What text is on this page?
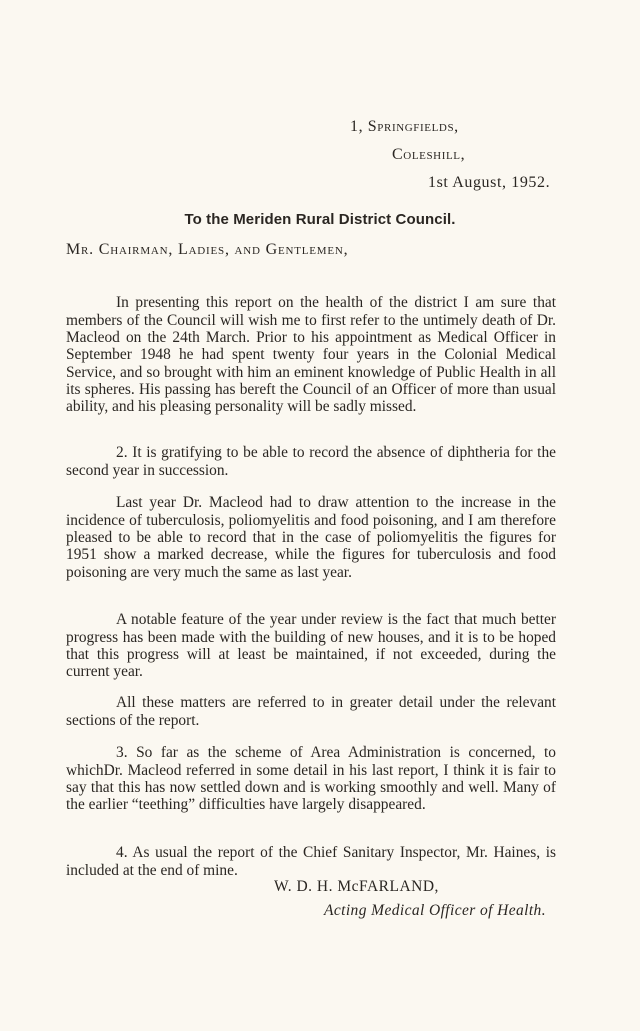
1, Springfields,
Coleshill,
1st August, 1952.
To the Meriden Rural District Council.
Mr. Chairman, Ladies, and Gentlemen,

In presenting this report on the health of the district I am sure that members of the Council will wish me to first refer to the untimely death of Dr. Macleod on the 24th March. Prior to his appointment as Medical Officer in September 1948 he had spent twenty four years in the Colonial Medical Service, and so brought with him an eminent knowledge of Public Health in all its spheres. His passing has bereft the Council of an Officer of more than usual ability, and his pleasing personality will be sadly missed.

2. It is gratifying to be able to record the absence of diphtheria for the second year in succession.

Last year Dr. Macleod had to draw attention to the increase in the incidence of tuberculosis, poliomyelitis and food poisoning, and I am therefore pleased to be able to record that in the case of poliomyelitis the figures for 1951 show a marked decrease, while the figures for tuberculosis and food poisoning are very much the same as last year.

A notable feature of the year under review is the fact that much better progress has been made with the building of new houses, and it is to be hoped that this progress will at least be maintained, if not exceeded, during the current year.

All these matters are referred to in greater detail under the relevant sections of the report.

3. So far as the scheme of Area Administration is concerned, to whichDr. Macleod referred in some detail in his last report, I think it is fair to say that this has now settled down and is working smoothly and well. Many of the earlier “teething” difficulties have largely disappeared.

4. As usual the report of the Chief Sanitary Inspector, Mr. Haines, is included at the end of mine.

W. D. H. McFARLAND,
Acting Medical Officer of Health.
